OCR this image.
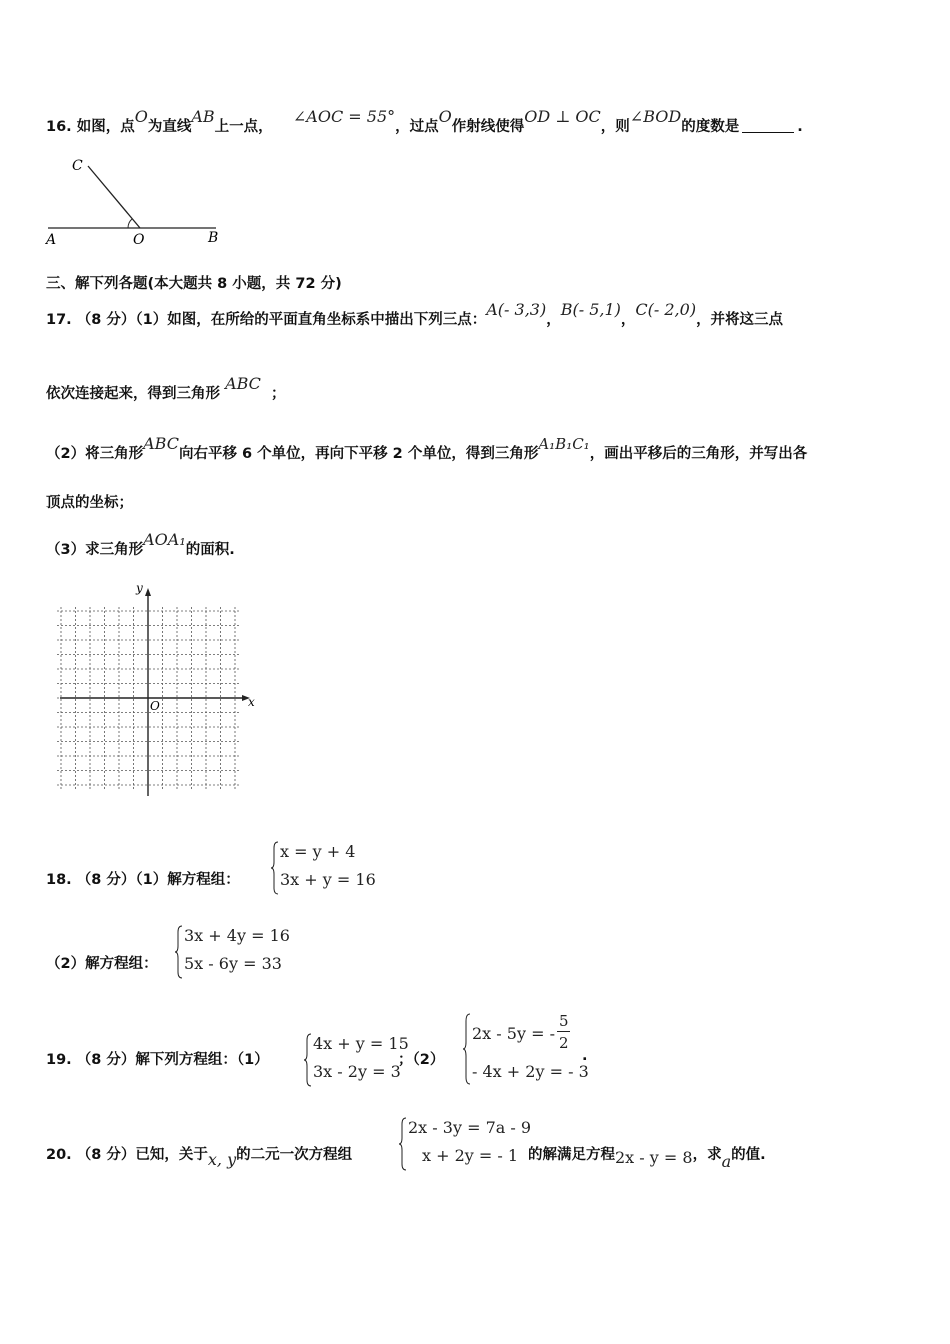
16. 如图，点O为直线AB上一点，    ∠AOC = 55°，过点O作射线使得OD ⊥ OC，则∠BOD的度数是	.
C
A	O	B
三、解下列各题(本大题共 8 小题，共 72 分)
17. （8 分）（1）如图，在所给的平面直角坐标系中描出下列三点：A(- 3,3)，B(- 5,1)，C(- 2,0)，并将这三点
依次连接起来，得到三角形 ABC  ；
（2）将三角形ABC向右平移 6 个单位，再向下平移 2 个单位，得到三角形A₁B₁C₁，画出平移后的三角形，并写出各
顶点的坐标；
（3）求三角形AOA₁的面积.
y
x
O
18. （8 分）（1）解方程组：
x = y + 4
3x + y = 16
（2）解方程组：
3x + 4y = 16
5x - 6y = 33
19. （8 分）解下列方程组：（1）
4x + y = 15
3x - 2y = 3
；（2）
2x - 5y = -
5
2
- 4x + 2y = - 3
.
20. （8 分）已知，关于x, y的二元一次方程组
2x - 3y = 7a - 9
x + 2y = - 1 的解满足方程2x - y = 8，求a的值.
